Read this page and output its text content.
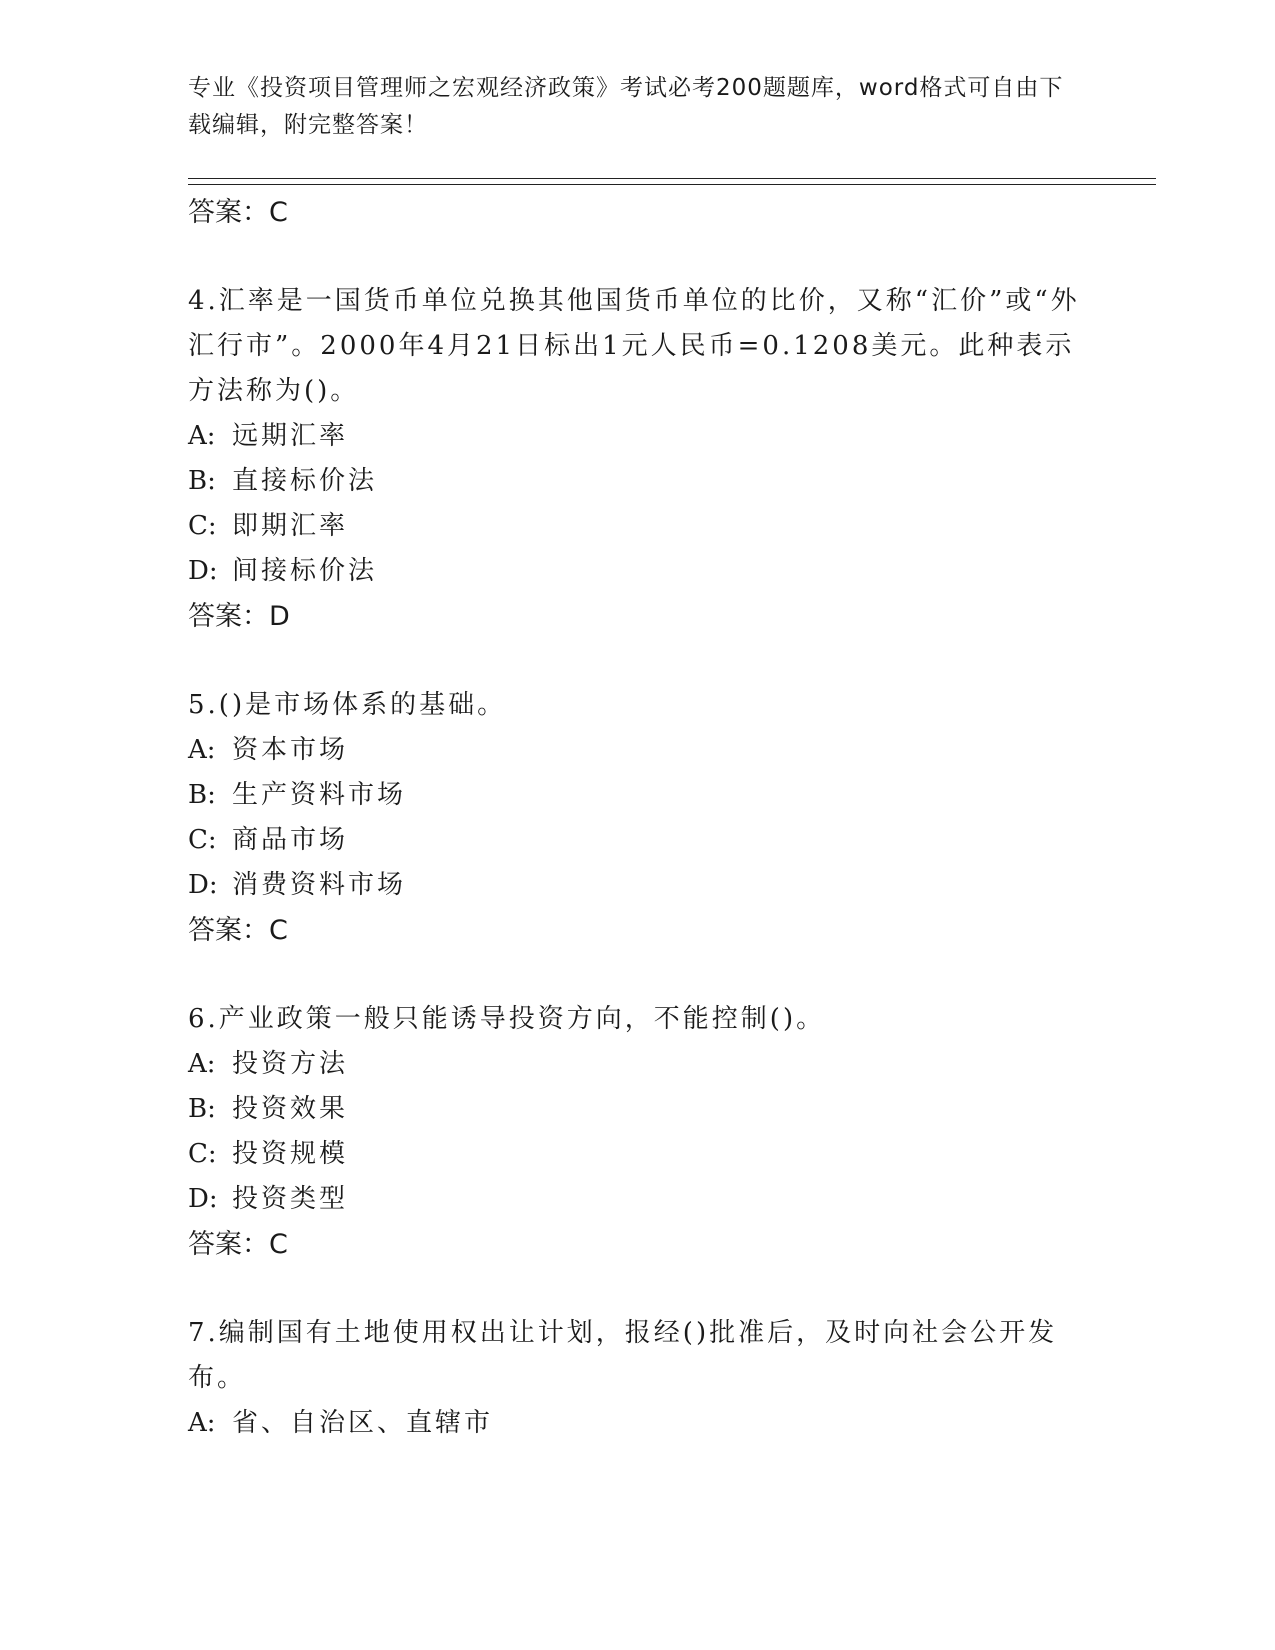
专业《投资项目管理师之宏观经济政策》考试必考200题题库，word格式可自由下载编辑，附完整答案！
答案：C
4.汇率是一国货币单位兑换其他国货币单位的比价，又称“汇价”或“外汇行市”。2000年4月21日标出1元人民币=0.1208美元。此种表示方法称为()。
A: 远期汇率
B: 直接标价法
C: 即期汇率
D: 间接标价法
答案：D
5.()是市场体系的基础。
A: 资本市场
B: 生产资料市场
C: 商品市场
D: 消费资料市场
答案：C
6.产业政策一般只能诱导投资方向，不能控制()。
A: 投资方法
B: 投资效果
C: 投资规模
D: 投资类型
答案：C
7.编制国有土地使用权出让计划，报经()批准后，及时向社会公开发布。
A: 省、自治区、直辖市
